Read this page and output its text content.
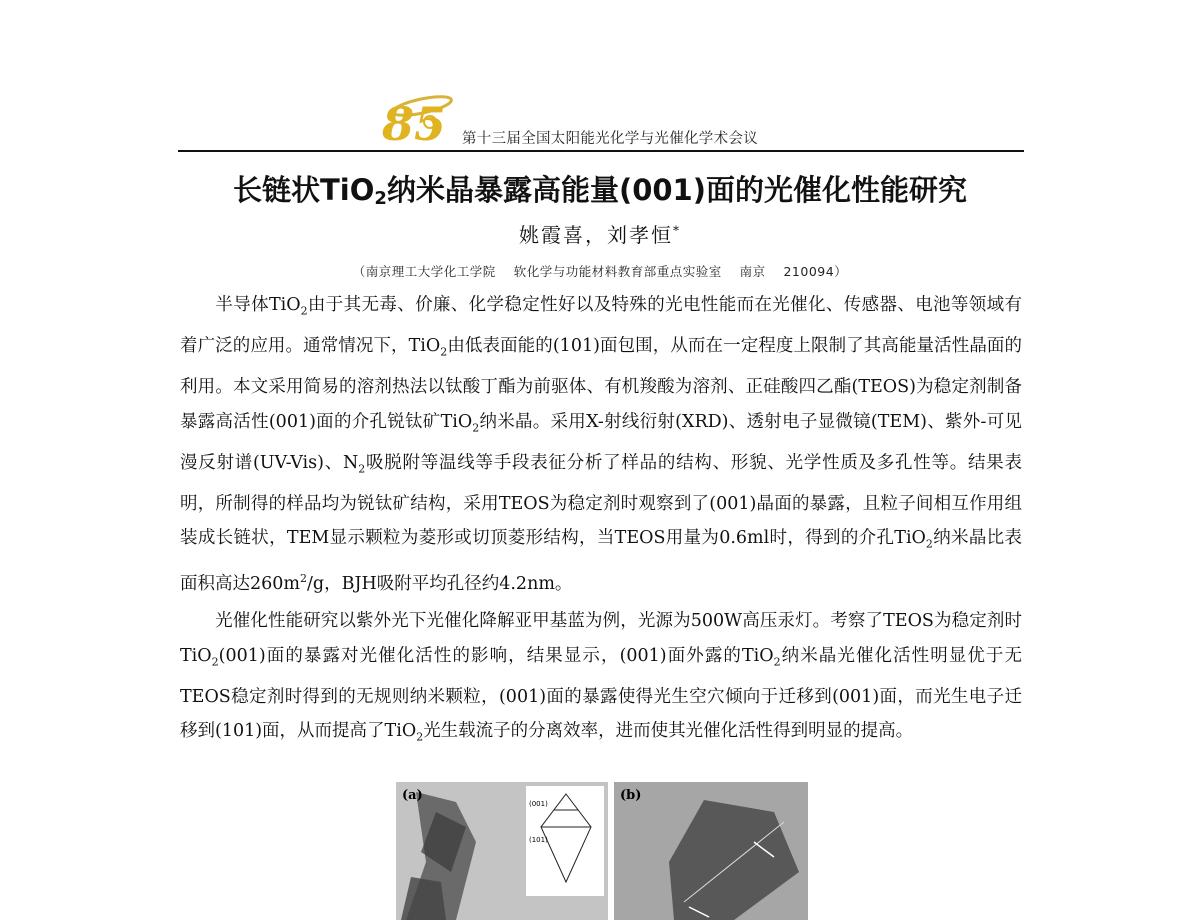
85 第十三届全国太阳能光化学与光催化学术会议
长链状TiO$_2$纳米晶暴露高能量(001)面的光催化性能研究
姚霞喜，刘孝恒*
（南京理工大学化工学院    软化学与功能材料教育部重点实验室    南京    210094）
半导体TiO$_2$由于其无毒、价廉、化学稳定性好以及特殊的光电性能而在光催化、传感器、电池等领域有着广泛的应用。通常情况下，TiO$_2$由低表面能的(101)面包围，从而在一定程度上限制了其高能量活性晶面的利用。本文采用简易的溶剂热法以钛酸丁酯为前驱体、有机羧酸为溶剂、正硅酸四乙酯(TEOS)为稳定剂制备暴露高活性(001)面的介孔锐钛矿TiO$_2$纳米晶。采用X-射线衍射(XRD)、透射电子显微镜(TEM)、紫外-可见漫反射谱(UV-Vis)、$N_2$吸脱附等温线等手段表征分析了样品的结构、形貌、光学性质及多孔性等。结果表明，所制得的样品均为锐钛矿结构，采用TEOS为稳定剂时观察到了(001)晶面的暴露，且粒子间相互作用组装成长链状，TEM显示颗粒为菱形或切顶菱形结构，当TEOS用量为0.6ml时，得到的介孔TiO$_2$纳米晶比表面积高达$260m^2/g$，BJH吸附平均孔径约4.2nm。
光催化性能研究以紫外光下光催化降解亚甲基蓝为例，光源为500W高压汞灯。考察了TEOS为稳定剂时TiO$_2$(001)面的暴露对光催化活性的影响，结果显示，(001)面外露的TiO$_2$纳米晶光催化活性明显优于无TEOS稳定剂时得到的无规则纳米颗粒，(001)面的暴露使得光生空穴倾向于迁移到(001)面，而光生电子迁移到(101)面，从而提高了TiO$_2$光生载流子的分离效率，进而使其光催化活性得到明显的提高。
(001)
(101)
(a)	(b)
